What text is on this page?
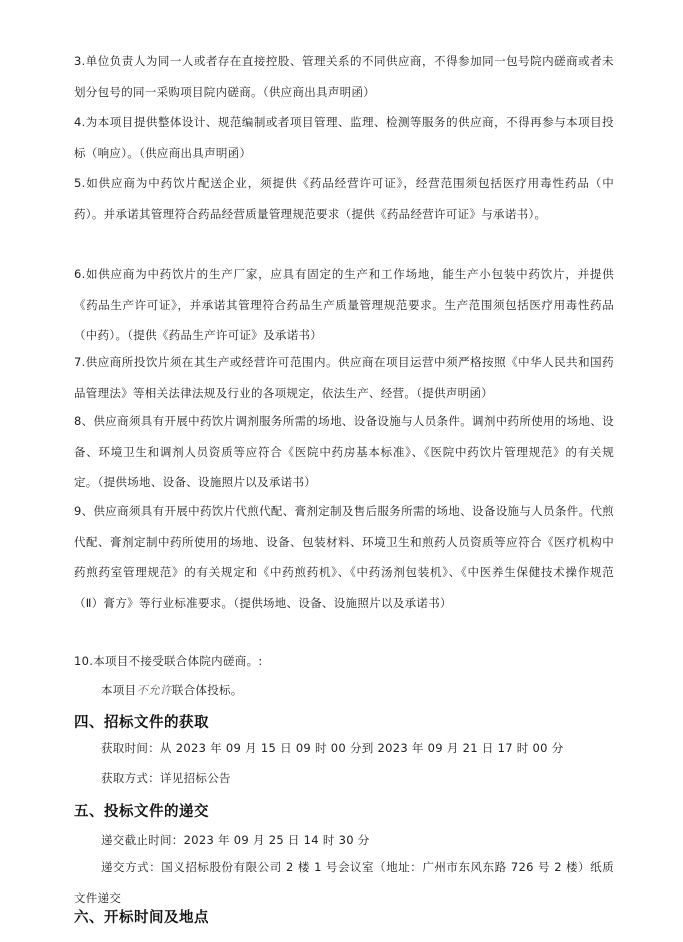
3.单位负责人为同一人或者存在直接控股、管理关系的不同供应商，不得参加同一包号院内磋商或者未划分包号的同一采购项目院内磋商。（供应商出具声明函）

4.为本项目提供整体设计、规范编制或者项目管理、监理、检测等服务的供应商，不得再参与本项目投标（响应）。（供应商出具声明函）

5.如供应商为中药饮片配送企业，须提供《药品经营许可证》，经营范围须包括医疗用毒性药品（中药）。并承诺其管理符合药品经营质量管理规范要求（提供《药品经营许可证》与承诺书）。

6.如供应商为中药饮片的生产厂家，应具有固定的生产和工作场地，能生产小包装中药饮片，并提供《药品生产许可证》，并承诺其管理符合药品生产质量管理规范要求。生产范围须包括医疗用毒性药品（中药）。（提供《药品生产许可证》及承诺书）

7.供应商所投饮片须在其生产或经营许可范围内。供应商在项目运营中须严格按照《中华人民共和国药品管理法》等相关法律法规及行业的各项规定，依法生产、经营。（提供声明函）

8、供应商须具有开展中药饮片调剂服务所需的场地、设备设施与人员条件。调剂中药所使用的场地、设备、环境卫生和调剂人员资质等应符合《医院中药房基本标准》、《医院中药饮片管理规范》的有关规定。（提供场地、设备、设施照片以及承诺书）

9、供应商须具有开展中药饮片代煎代配、膏剂定制及售后服务所需的场地、设备设施与人员条件。代煎代配、膏剂定制中药所使用的场地、设备、包装材料、环境卫生和煎药人员资质等应符合《医疗机构中药煎药室管理规范》的有关规定和《中药煎药机》、《中药汤剂包装机》、《中医养生保健技术操作规范（Ⅱ）膏方》等行业标准要求。（提供场地、设备、设施照片以及承诺书）

10.本项目不接受联合体院内磋商。:

本项目不允许联合体投标。

四、招标文件的获取

获取时间：从 2023 年 09 月 15 日 09 时 00 分到 2023 年 09 月 21 日 17 时 00 分

获取方式：详见招标公告

五、投标文件的递交

递交截止时间：2023 年 09 月 25 日 14 时 30 分

递交方式：国义招标股份有限公司 2 楼 1 号会议室（地址：广州市东风东路 726 号 2 楼）纸质文件递交

六、开标时间及地点
